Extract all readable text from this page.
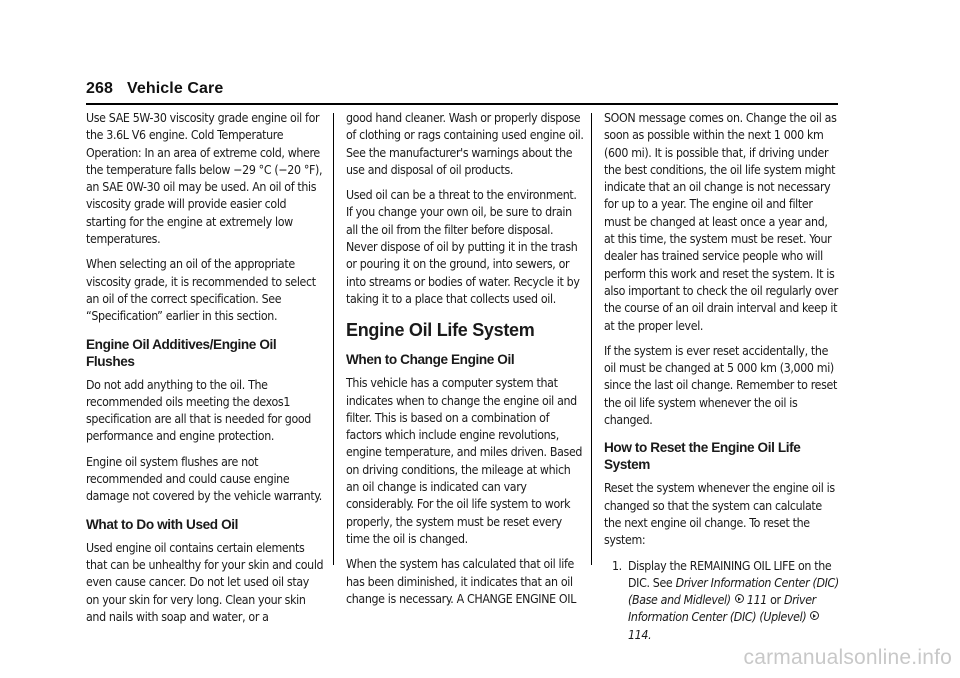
268 Vehicle Care

Use SAE 5W-30 viscosity grade engine oil for the 3.6L V6 engine. Cold Temperature Operation: In an area of extreme cold, where the temperature falls below −29 °C (−20 °F), an SAE 0W-30 oil may be used. An oil of this viscosity grade will provide easier cold starting for the engine at extremely low temperatures.

When selecting an oil of the appropriate viscosity grade, it is recommended to select an oil of the correct specification. See “Specification” earlier in this section.

Engine Oil Additives/Engine Oil Flushes

Do not add anything to the oil. The recommended oils meeting the dexos1 specification are all that is needed for good performance and engine protection.

Engine oil system flushes are not recommended and could cause engine damage not covered by the vehicle warranty.

What to Do with Used Oil

Used engine oil contains certain elements that can be unhealthy for your skin and could even cause cancer. Do not let used oil stay on your skin for very long. Clean your skin and nails with soap and water, or a

good hand cleaner. Wash or properly dispose of clothing or rags containing used engine oil. See the manufacturer's warnings about the use and disposal of oil products.

Used oil can be a threat to the environment. If you change your own oil, be sure to drain all the oil from the filter before disposal. Never dispose of oil by putting it in the trash or pouring it on the ground, into sewers, or into streams or bodies of water. Recycle it by taking it to a place that collects used oil.

Engine Oil Life System
When to Change Engine Oil

This vehicle has a computer system that indicates when to change the engine oil and filter. This is based on a combination of factors which include engine revolutions, engine temperature, and miles driven. Based on driving conditions, the mileage at which an oil change is indicated can vary considerably. For the oil life system to work properly, the system must be reset every time the oil is changed.

When the system has calculated that oil life has been diminished, it indicates that an oil change is necessary. A CHANGE ENGINE OIL

SOON message comes on. Change the oil as soon as possible within the next 1 000 km (600 mi). It is possible that, if driving under the best conditions, the oil life system might indicate that an oil change is not necessary for up to a year. The engine oil and filter must be changed at least once a year and, at this time, the system must be reset. Your dealer has trained service people who will perform this work and reset the system. It is also important to check the oil regularly over the course of an oil drain interval and keep it at the proper level.

If the system is ever reset accidentally, the oil must be changed at 5 000 km (3,000 mi) since the last oil change. Remember to reset the oil life system whenever the oil is changed.

How to Reset the Engine Oil Life System

Reset the system whenever the engine oil is changed so that the system can calculate the next engine oil change. To reset the system:

1. Display the REMAINING OIL LIFE on the DIC. See Driver Information Center (DIC) (Base and Midlevel) 111 or Driver Information Center (DIC) (Uplevel) 114.
carmanualsonline.info
